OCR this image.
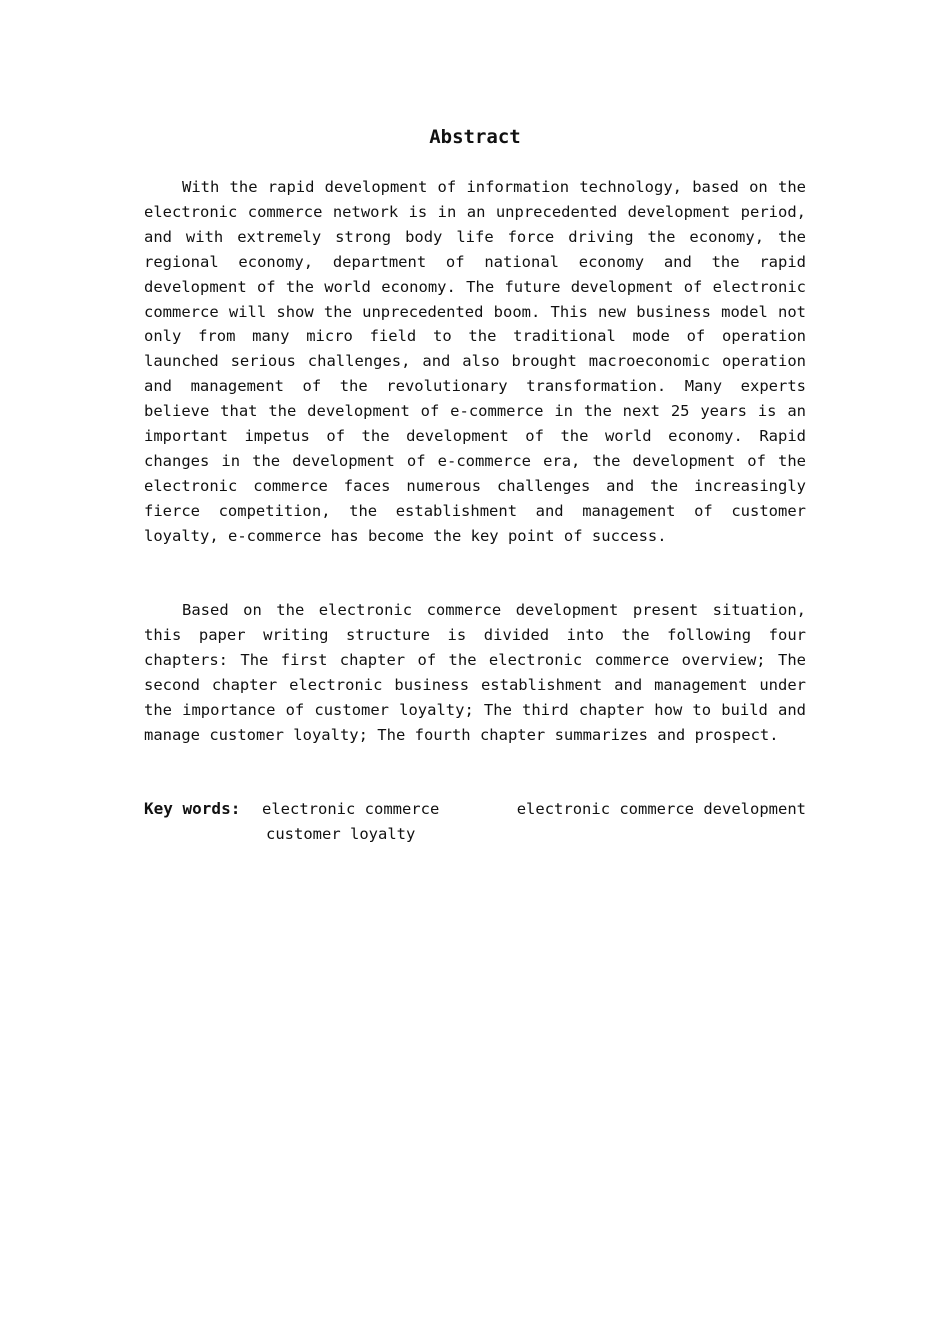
Abstract

With the rapid development of information technology, based on the electronic commerce network is in an unprecedented development period, and with extremely strong body life force driving the economy, the regional economy, department of national economy and the rapid development of the world economy. The future development of electronic commerce will show the unprecedented boom. This new business model not only from many micro field to the traditional mode of operation launched serious challenges, and also brought macroeconomic operation and management of the revolutionary transformation. Many experts believe that the development of e-commerce in the next 25 years is an important impetus of the development of the world economy. Rapid changes in the development of e-commerce era, the development of the electronic commerce faces numerous challenges and the increasingly fierce competition, the establishment and management of customer loyalty, e-commerce has become the key point of success.

Based on the electronic commerce development present situation, this paper writing structure is divided into the following four chapters: The first chapter of the electronic commerce overview; The second chapter electronic business establishment and management under the importance of customer loyalty; The third chapter how to build and manage customer loyalty; The fourth chapter summarizes and prospect.

Key words: electronic commerce	electronic commerce development
customer loyalty
